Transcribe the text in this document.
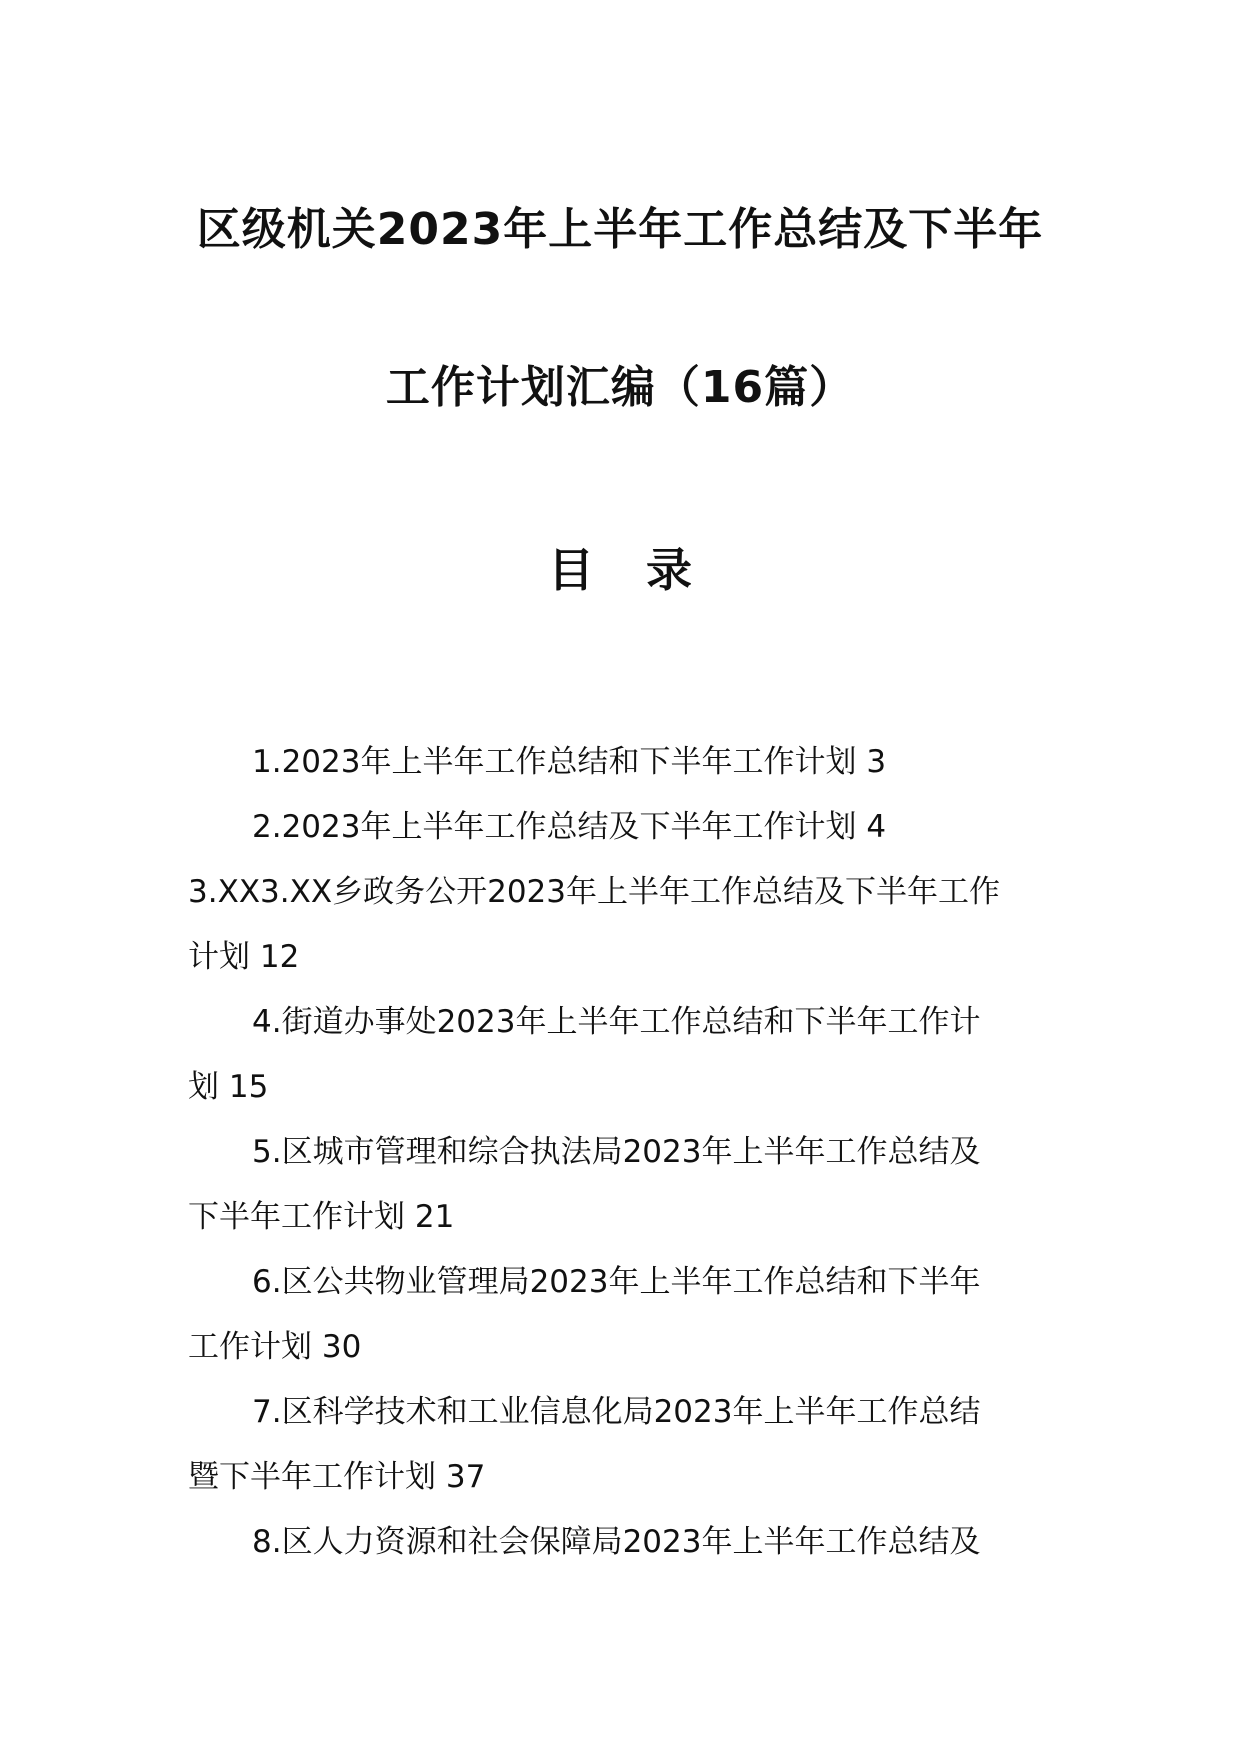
区级机关2023年上半年工作总结及下半年
工作计划汇编（16篇）
目 录
1.2023年上半年工作总结和下半年工作计划 3
2.2023年上半年工作总结及下半年工作计划 4
3.XX3.XX乡政务公开2023年上半年工作总结及下半年工作
计划 12
4.街道办事处2023年上半年工作总结和下半年工作计
划 15
5.区城市管理和综合执法局2023年上半年工作总结及
下半年工作计划 21
6.区公共物业管理局2023年上半年工作总结和下半年
工作计划 30
7.区科学技术和工业信息化局2023年上半年工作总结
暨下半年工作计划 37
8.区人力资源和社会保障局2023年上半年工作总结及
